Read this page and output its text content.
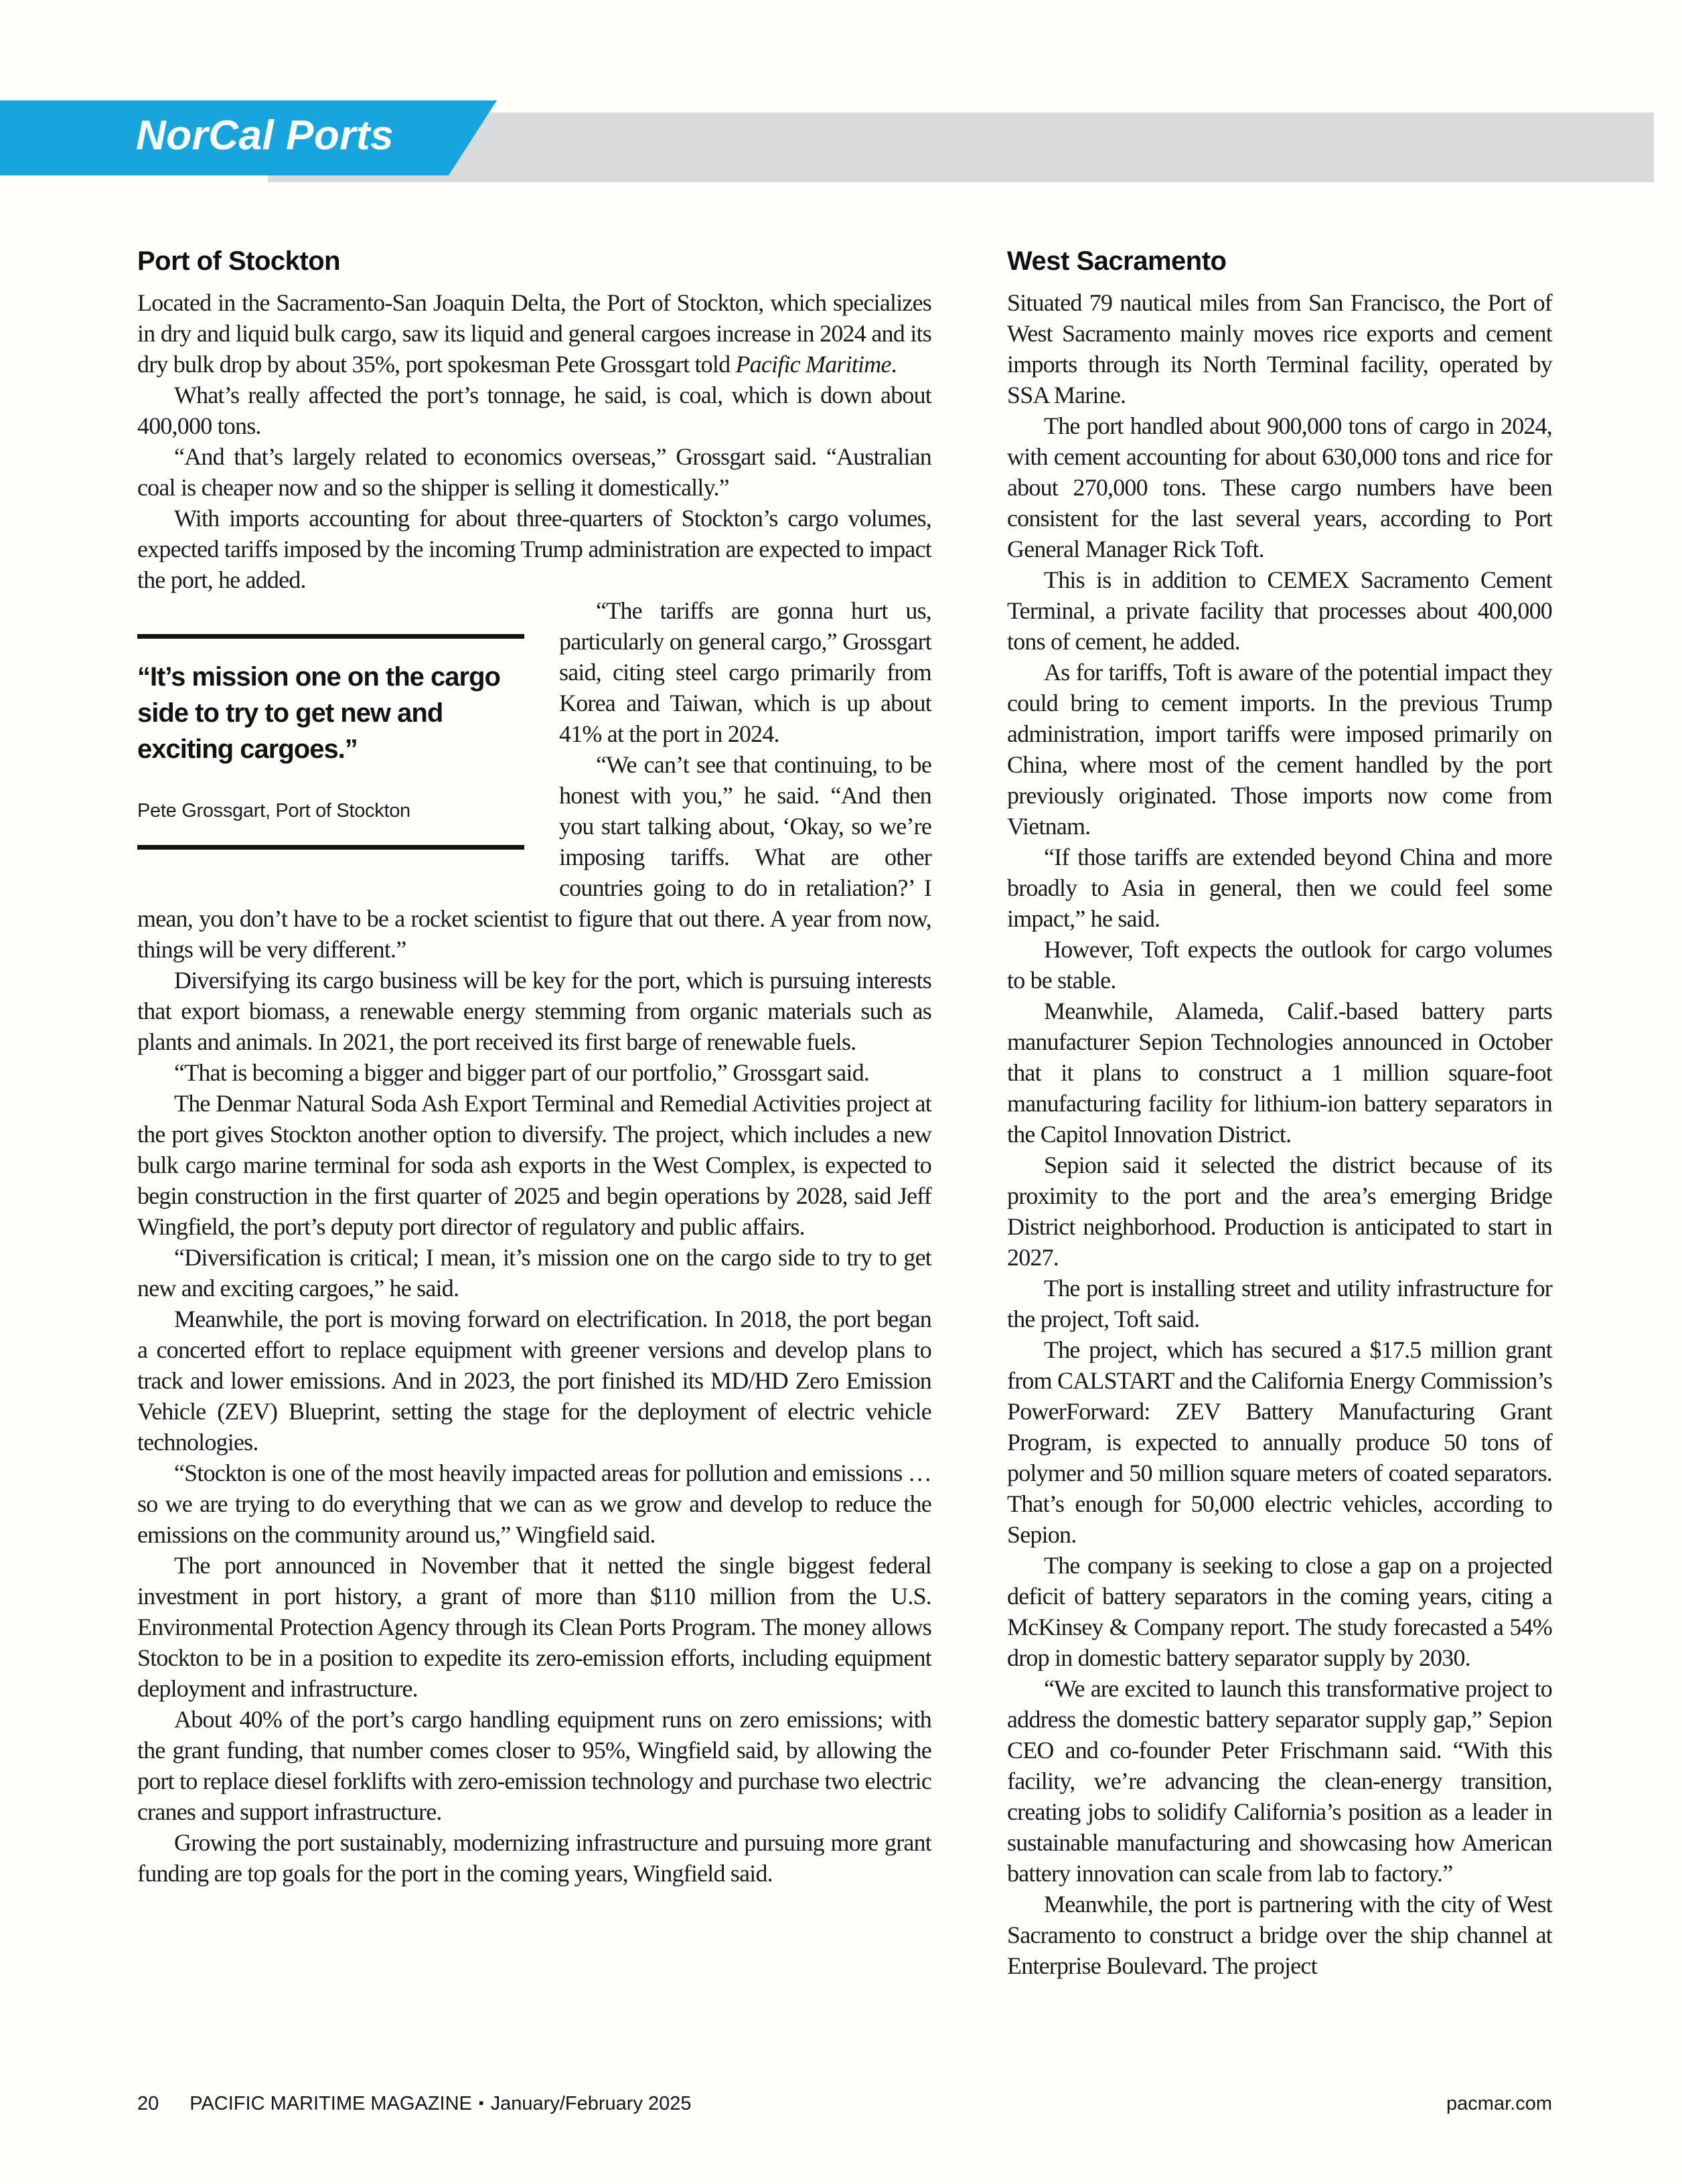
NorCal Ports
Port of Stockton
Located in the Sacramento-San Joaquin Delta, the Port of Stockton, which specializes in dry and liquid bulk cargo, saw its liquid and general cargoes increase in 2024 and its dry bulk drop by about 35%, port spokesman Pete Grossgart told Pacific Maritime.
What’s really affected the port’s tonnage, he said, is coal, which is down about 400,000 tons.
“And that’s largely related to economics overseas,” Grossgart said. “Australian coal is cheaper now and so the shipper is selling it domestically.”
With imports accounting for about three-quarters of Stockton’s cargo volumes, expected tariffs imposed by the incoming Trump administration are expected to impact the port, he added.
“It’s mission one on the cargo side to try to get new and exciting cargoes.”
Pete Grossgart, Port of Stockton
“The tariffs are gonna hurt us, particularly on general cargo,” Grossgart said, citing steel cargo primarily from Korea and Taiwan, which is up about 41% at the port in 2024.
“We can’t see that continuing, to be honest with you,” he said. “And then you start talking about, ‘Okay, so we’re imposing tariffs. What are other countries going to do in retaliation?’ I mean, you don’t have to be a rocket scientist to figure that out there. A year from now, things will be very different.”
Diversifying its cargo business will be key for the port, which is pursuing interests that export biomass, a renewable energy stemming from organic materials such as plants and animals. In 2021, the port received its first barge of renewable fuels.
“That is becoming a bigger and bigger part of our portfolio,” Grossgart said.
The Denmar Natural Soda Ash Export Terminal and Remedial Activities project at the port gives Stockton another option to diversify. The project, which includes a new bulk cargo marine terminal for soda ash exports in the West Complex, is expected to begin construction in the first quarter of 2025 and begin operations by 2028, said Jeff Wingfield, the port’s deputy port director of regulatory and public affairs.
“Diversification is critical; I mean, it’s mission one on the cargo side to try to get new and exciting cargoes,” he said.
Meanwhile, the port is moving forward on electrification. In 2018, the port began a concerted effort to replace equipment with greener versions and develop plans to track and lower emissions. And in 2023, the port finished its MD/HD Zero Emission Vehicle (ZEV) Blueprint, setting the stage for the deployment of electric vehicle technologies.
“Stockton is one of the most heavily impacted areas for pollution and emissions … so we are trying to do everything that we can as we grow and develop to reduce the emissions on the community around us,” Wingfield said.
The port announced in November that it netted the single biggest federal investment in port history, a grant of more than $110 million from the U.S. Environmental Protection Agency through its Clean Ports Program. The money allows Stockton to be in a position to expedite its zero-emission efforts, including equipment deployment and infrastructure.
About 40% of the port’s cargo handling equipment runs on zero emissions; with the grant funding, that number comes closer to 95%, Wingfield said, by allowing the port to replace diesel forklifts with zero-emission technology and purchase two electric cranes and support infrastructure.
Growing the port sustainably, modernizing infrastructure and pursuing more grant funding are top goals for the port in the coming years, Wingfield said.
West Sacramento
Situated 79 nautical miles from San Francisco, the Port of West Sacramento mainly moves rice exports and cement imports through its North Terminal facility, operated by SSA Marine.
The port handled about 900,000 tons of cargo in 2024, with cement accounting for about 630,000 tons and rice for about 270,000 tons. These cargo numbers have been consistent for the last several years, according to Port General Manager Rick Toft.
This is in addition to CEMEX Sacramento Cement Terminal, a private facility that processes about 400,000 tons of cement, he added.
As for tariffs, Toft is aware of the potential impact they could bring to cement imports. In the previous Trump administration, import tariffs were imposed primarily on China, where most of the cement handled by the port previously originated. Those imports now come from Vietnam.
“If those tariffs are extended beyond China and more broadly to Asia in general, then we could feel some impact,” he said.
However, Toft expects the outlook for cargo volumes to be stable.
Meanwhile, Alameda, Calif.-based battery parts manufacturer Sepion Technologies announced in October that it plans to construct a 1 million square-foot manufacturing facility for lithium-ion battery separators in the Capitol Innovation District.
Sepion said it selected the district because of its proximity to the port and the area’s emerging Bridge District neighborhood. Production is anticipated to start in 2027.
The port is installing street and utility infrastructure for the project, Toft said.
The project, which has secured a $17.5 million grant from CALSTART and the California Energy Commission’s PowerForward: ZEV Battery Manufacturing Grant Program, is expected to annually produce 50 tons of polymer and 50 million square meters of coated separators. That’s enough for 50,000 electric vehicles, according to Sepion.
The company is seeking to close a gap on a projected deficit of battery separators in the coming years, citing a McKinsey & Company report. The study forecasted a 54% drop in domestic battery separator supply by 2030.
“We are excited to launch this transformative project to address the domestic battery separator supply gap,” Sepion CEO and co-founder Peter Frischmann said. “With this facility, we’re advancing the clean-energy transition, creating jobs to solidify California’s position as a leader in sustainable manufacturing and showcasing how American battery innovation can scale from lab to factory.”
Meanwhile, the port is partnering with the city of West Sacramento to construct a bridge over the ship channel at Enterprise Boulevard. The project
20 PACIFIC MARITIME MAGAZINE ▪ January/February 2025	pacmar.com
